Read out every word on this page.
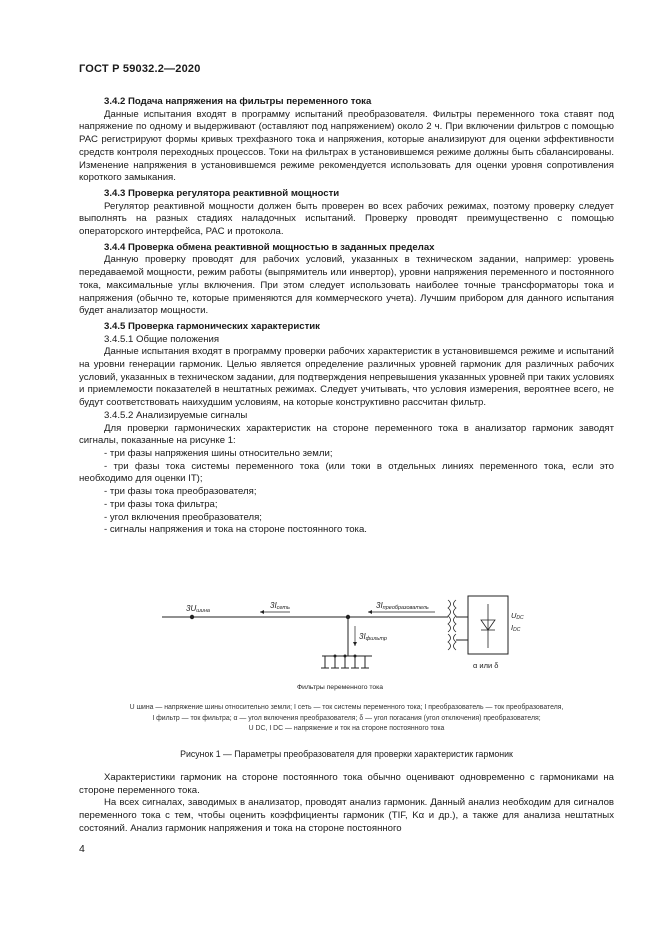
ГОСТ Р 59032.2—2020

3.4.2 Подача напряжения на фильтры переменного тока

Данные испытания входят в программу испытаний преобразователя. Фильтры переменного тока ставят под напряжение по одному и выдерживают (оставляют под напряжением) около 2 ч. При включении фильтров с помощью РАС регистрируют формы кривых трехфазного тока и напряжения, которые анализируют для оценки эффективности средств контроля переходных процессов. Токи на фильтрах в установившемся режиме должны быть сбалансированы. Изменение напряжения в установившемся режиме рекомендуется использовать для оценки уровня сопротивления короткого замыкания.

3.4.3 Проверка регулятора реактивной мощности

Регулятор реактивной мощности должен быть проверен во всех рабочих режимах, поэтому проверку следует выполнять на разных стадиях наладочных испытаний. Проверку проводят преимущественно с помощью операторского интерфейса, РАС и протокола.

3.4.4 Проверка обмена реактивной мощностью в заданных пределах

Данную проверку проводят для рабочих условий, указанных в техническом задании, например: уровень передаваемой мощности, режим работы (выпрямитель или инвертор), уровни напряжения переменного и постоянного тока, максимальные углы включения. При этом следует использовать наиболее точные трансформаторы тока и напряжения (обычно те, которые применяются для коммерческого учета). Лучшим прибором для данного испытания будет анализатор мощности.

3.4.5 Проверка гармонических характеристик

3.4.5.1 Общие положения

Данные испытания входят в программу проверки рабочих характеристик в установившемся режиме и испытаний на уровни генерации гармоник. Целью является определение различных уровней гармоник для различных рабочих условий, указанных в техническом задании, для подтверждения непревышения указанных уровней при таких условиях и приемлемости показателей в нештатных режимах. Следует учитывать, что условия измерения, вероятнее всего, не будут соответствовать наихудшим условиям, на которые конструктивно рассчитан фильтр.

3.4.5.2 Анализируемые сигналы

Для проверки гармонических характеристик на стороне переменного тока в анализатор гармоник заводят сигналы, показанные на рисунке 1:

- три фазы напряжения шины относительно земли;

- три фазы тока системы переменного тока (или токи в отдельных линиях переменного тока, если это необходимо для оценки IT);

- три фазы тока преобразователя;

- три фазы тока фильтра;

- угол включения преобразователя;

- сигналы напряжения и тока на стороне постоянного тока.

3Uшина
3Iсеть	3Iпреобразователь
3Iфильтр
Фильтры переменного тока
UDC
IDC
α или δ
U шина — напряжение шины относительно земли; I сеть — ток системы переменного тока; I преобразователь — ток преобразователя,
I фильтр — ток фильтра; α — угол включения преобразователя; δ — угол погасания (угол отключения) преобразователя;
U DC, I DC — напряжение и ток на стороне постоянного тока
Рисунок 1 — Параметры преобразователя для проверки характеристик гармоник

Характеристики гармоник на стороне постоянного тока обычно оценивают одновременно с гармониками на стороне переменного тока.

На всех сигналах, заводимых в анализатор, проводят анализ гармоник. Данный анализ необходим для сигналов переменного тока с тем, чтобы оценить коэффициенты гармоник (TIF, Kα и др.), а также для анализа нештатных состояний. Анализ гармоник напряжения и тока на стороне постоянного

4
